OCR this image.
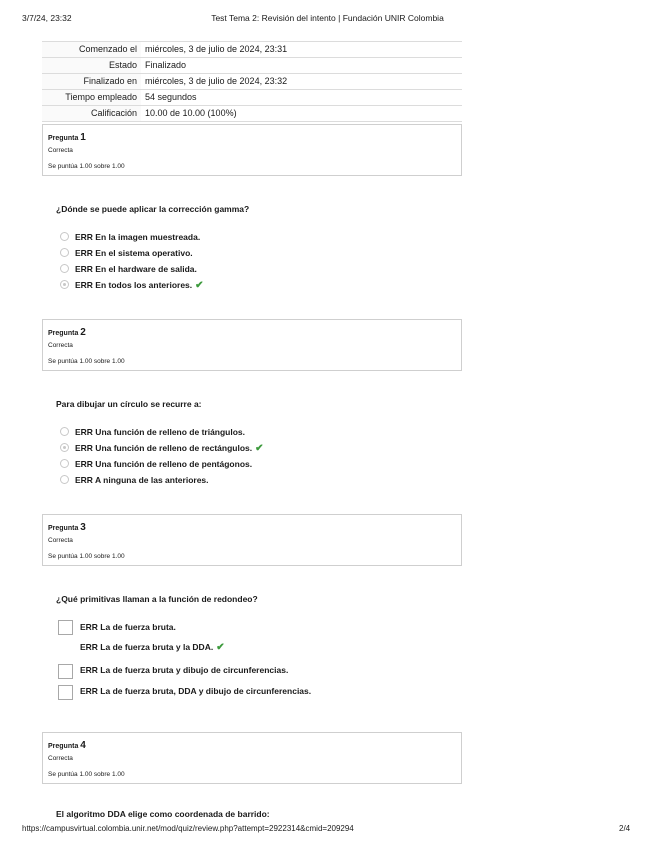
3/7/24, 23:32	Test Tema 2: Revisión del intento | Fundación UNIR Colombia
Comenzado el	miércoles, 3 de julio de 2024, 23:31
Estado	Finalizado
Finalizado en	miércoles, 3 de julio de 2024, 23:32
Tiempo empleado	54 segundos
Calificación	10.00 de 10.00 (100%)
Pregunta 1
Correcta
Se puntúa 1.00 sobre 1.00
¿Dónde se puede aplicar la corrección gamma?
ERR En la imagen muestreada.
ERR En el sistema operativo.
ERR En el hardware de salida.
ERR En todos los anteriores. ✔
Pregunta 2
Correcta
Se puntúa 1.00 sobre 1.00
Para dibujar un círculo se recurre a:
ERR Una función de relleno de triángulos.
ERR Una función de relleno de rectángulos. ✔
ERR Una función de relleno de pentágonos.
ERR A ninguna de las anteriores.
Pregunta 3
Correcta
Se puntúa 1.00 sobre 1.00
¿Qué primitivas llaman a la función de redondeo?
ERR La de fuerza bruta.
ERR La de fuerza bruta y la DDA. ✔
ERR La de fuerza bruta y dibujo de circunferencias.
ERR La de fuerza bruta, DDA y dibujo de circunferencias.
Pregunta 4
Correcta
Se puntúa 1.00 sobre 1.00
El algoritmo DDA elige como coordenada de barrido:
https://campusvirtual.colombia.unir.net/mod/quiz/review.php?attempt=2922314&cmid=209294	2/4
